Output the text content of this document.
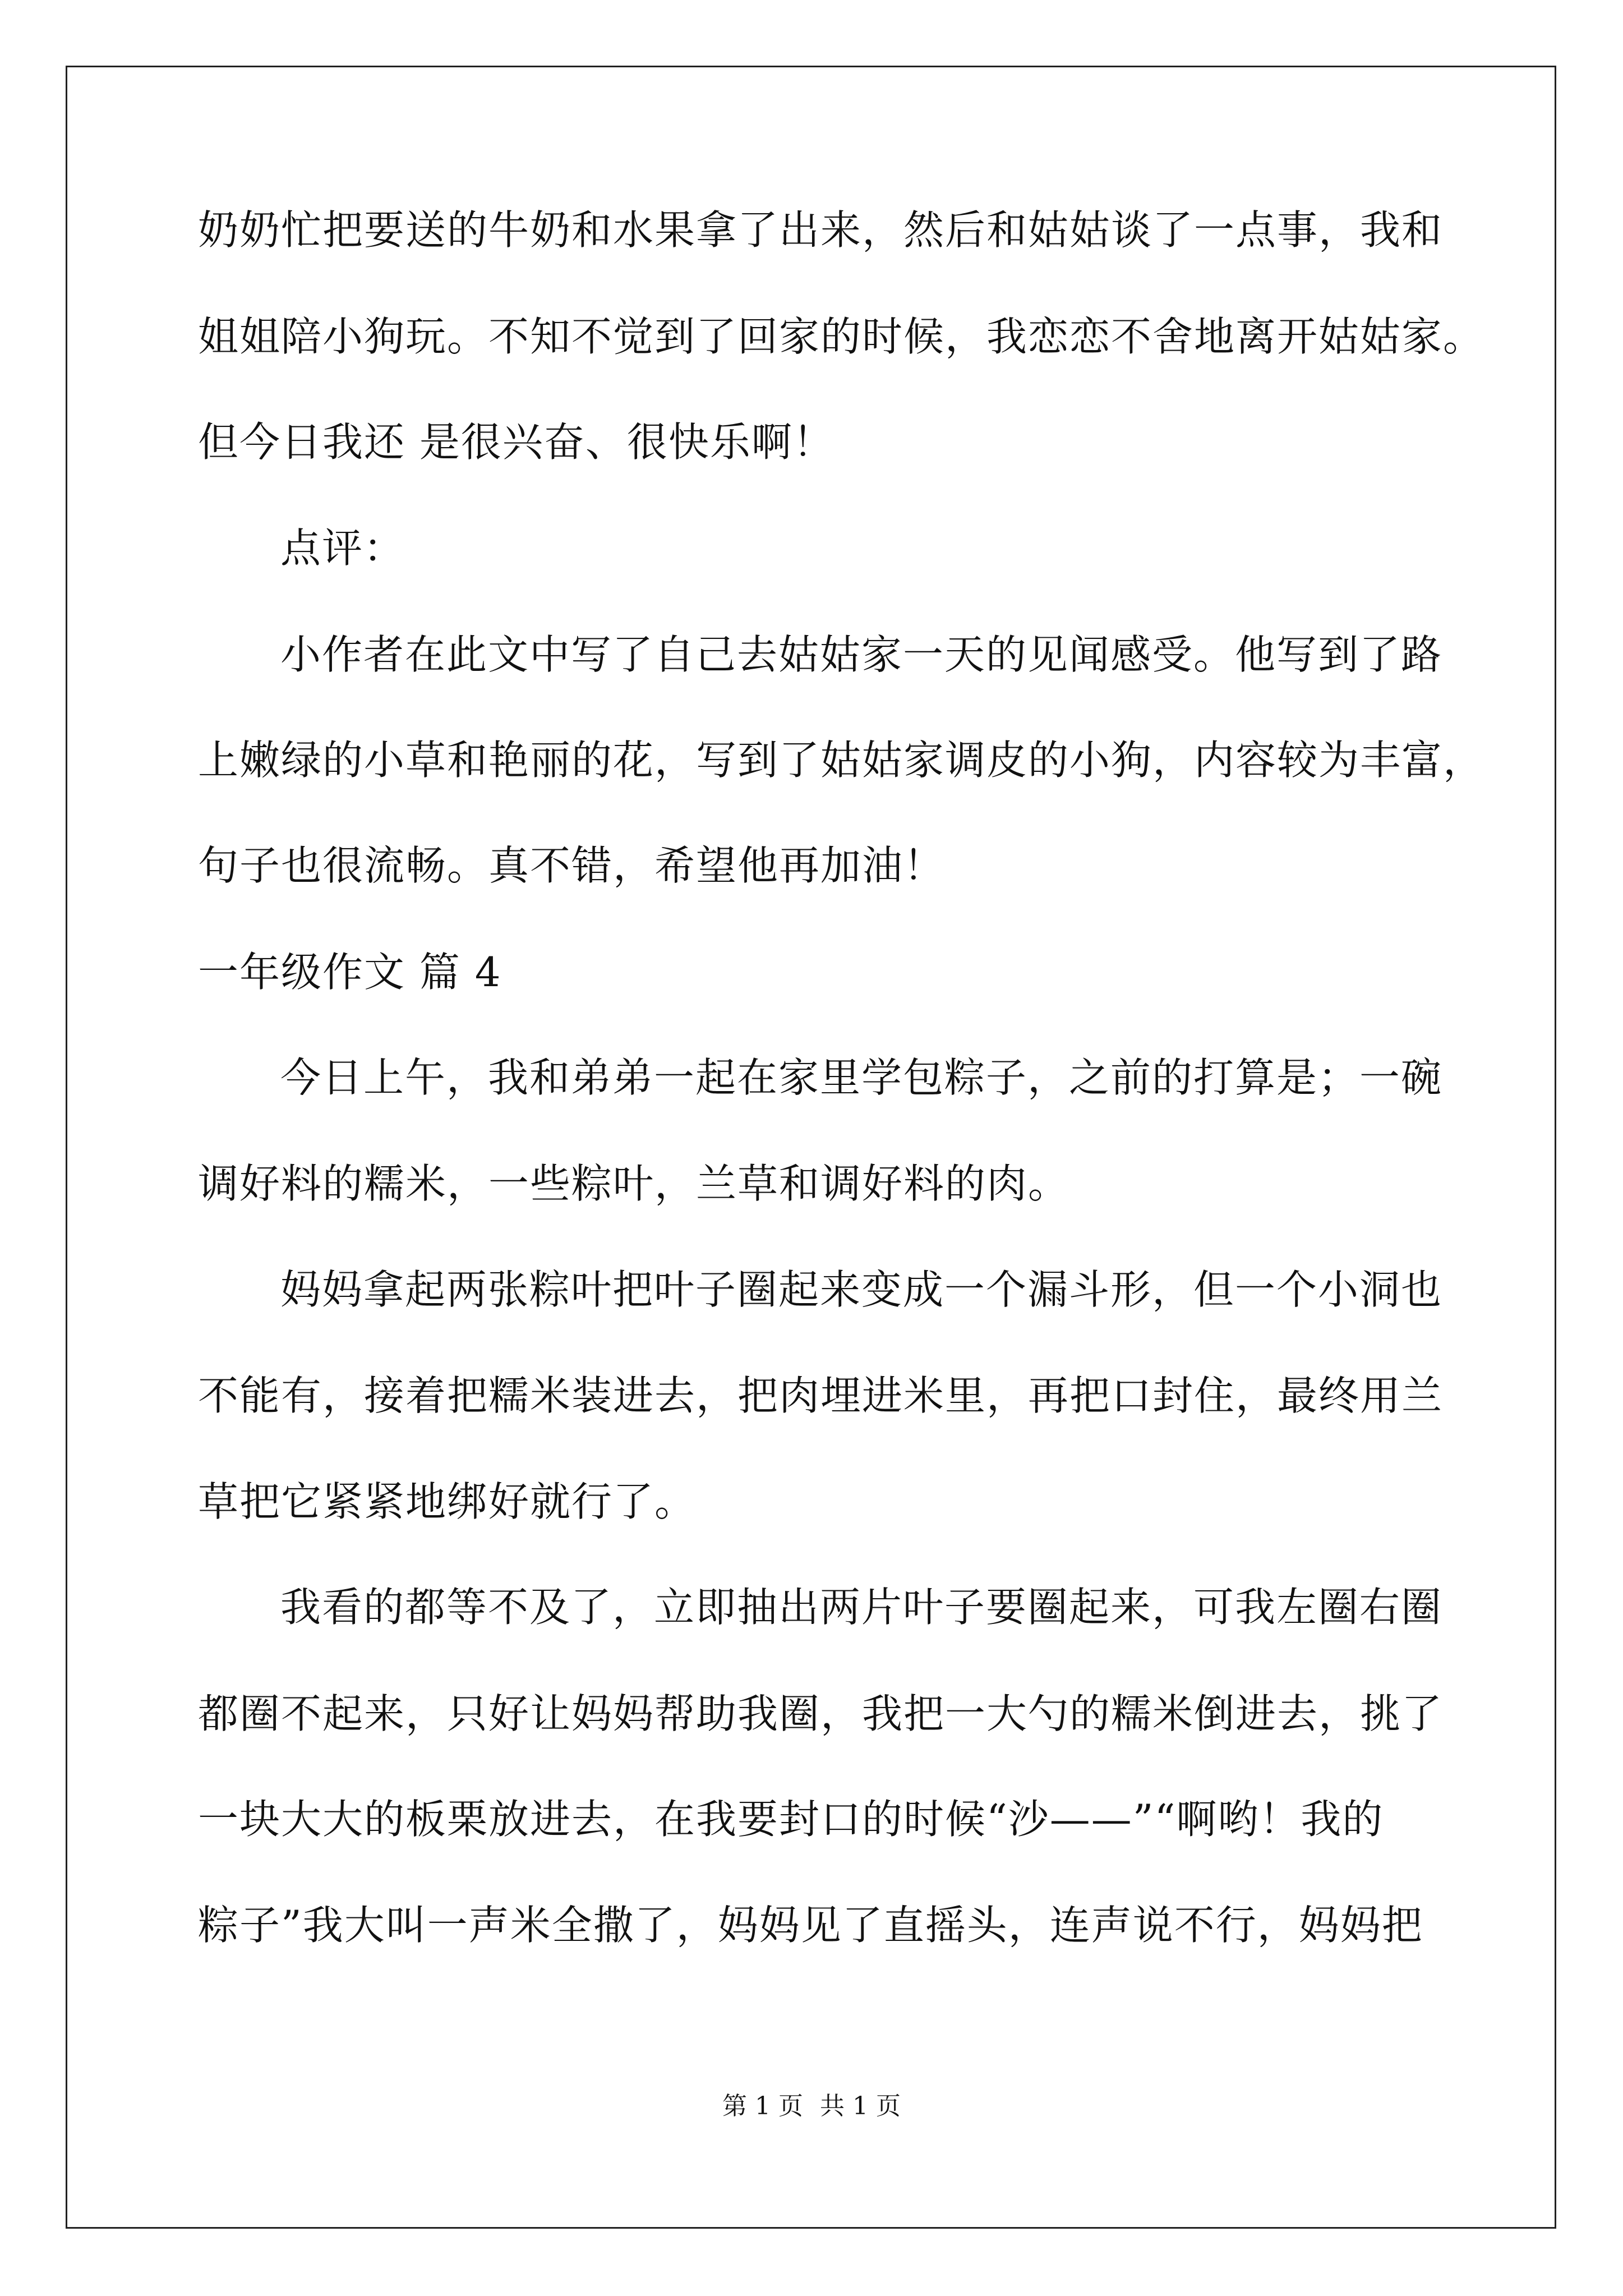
奶奶忙把要送的牛奶和水果拿了出来，然后和姑姑谈了一点事，我和
姐姐陪小狗玩。不知不觉到了回家的时候，我恋恋不舍地离开姑姑家。
但今日我还 是很兴奋、很快乐啊！
点评：
小作者在此文中写了自己去姑姑家一天的见闻感受。他写到了路
上嫩绿的小草和艳丽的花，写到了姑姑家调皮的小狗，内容较为丰富，
句子也很流畅。真不错，希望他再加油！
一年级作文 篇 4
今日上午，我和弟弟一起在家里学包粽子，之前的打算是；一碗
调好料的糯米，一些粽叶，兰草和调好料的肉。
妈妈拿起两张粽叶把叶子圈起来变成一个漏斗形，但一个小洞也
不能有，接着把糯米装进去，把肉埋进米里，再把口封住，最终用兰
草把它紧紧地绑好就行了。
我看的都等不及了，立即抽出两片叶子要圈起来，可我左圈右圈
都圈不起来，只好让妈妈帮助我圈，我把一大勺的糯米倒进去，挑了
一块大大的板栗放进去，在我要封口的时候“沙——”“啊哟！我的
粽子”我大叫一声米全撒了，妈妈见了直摇头，连声说不行，妈妈把
第 1 页 共 1 页
